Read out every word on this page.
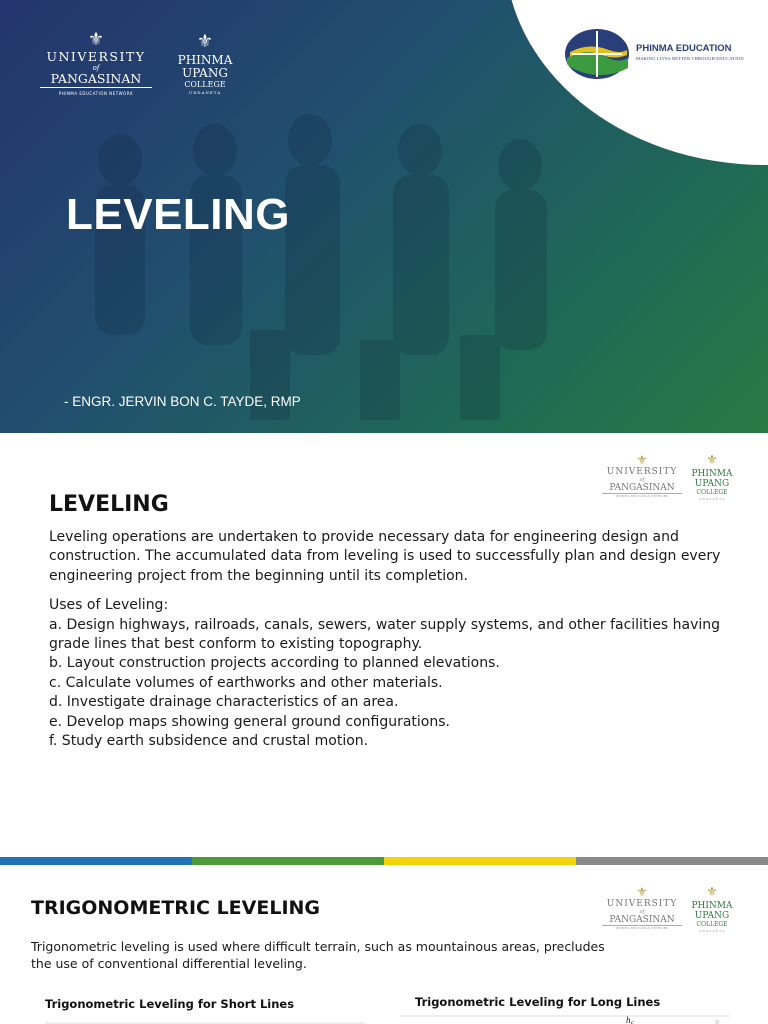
⚜
UNIVERSITY
of
PANGASINAN
PHINMA EDUCATION NETWORK
⚜
PHINMA
UPANG
COLLEGE
URDANETA
PHINMA EDUCATION
MAKING LIVES BETTER THROUGH EDUCATION
LEVELING
- ENGR. JERVIN BON C. TAYDE, RMP
⚜
UNIVERSITY
of
PANGASINAN
PHINMA EDUCATION NETWORK
⚜
PHINMA
UPANG
COLLEGE
URDANETA
LEVELING

Leveling operations are undertaken to provide necessary data for engineering design and construction. The accumulated data from leveling is used to successfully plan and design every engineering project from the beginning until its completion.

Uses of Leveling:

a. Design highways, railroads, canals, sewers, water supply systems, and other facilities having grade lines that best conform to existing topography.

b. Layout construction projects according to planned elevations.

c. Calculate volumes of earthworks and other materials.

d. Investigate drainage characteristics of an area.

e. Develop maps showing general ground configurations.

f. Study earth subsidence and crustal motion.

⚜
UNIVERSITY
of
PANGASINAN
PHINMA EDUCATION NETWORK
⚜
PHINMA
UPANG
COLLEGE
URDANETA
TRIGONOMETRIC LEVELING

Trigonometric leveling is used where difficult terrain, such as mountainous areas, precludes the use of conventional differential leveling.

Trigonometric Leveling for Short Lines	Trigonometric Leveling for Long Lines
h c	○
